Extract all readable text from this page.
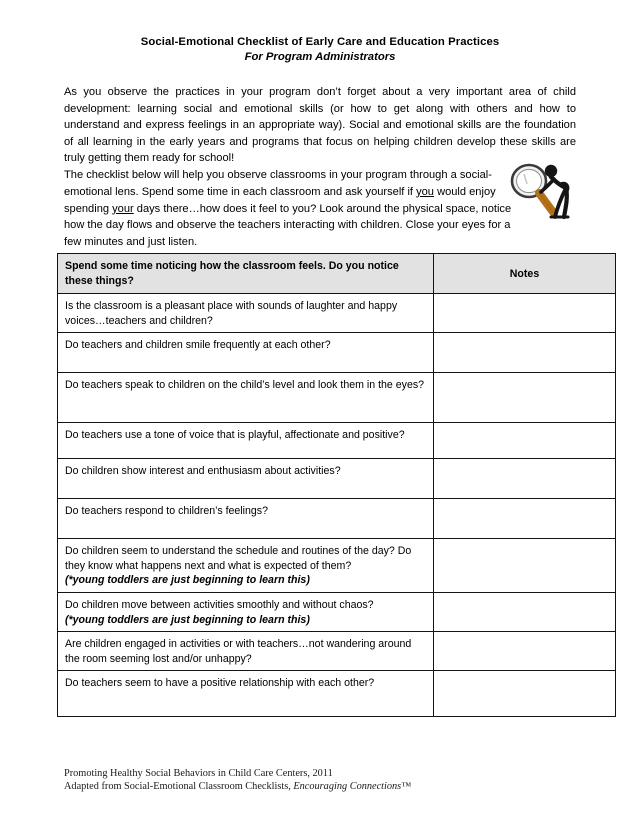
Social-Emotional Checklist of Early Care and Education Practices
For Program Administrators
As you observe the practices in your program don’t forget about a very important area of child development: learning social and emotional skills (or how to get along with others and how to understand and express feelings in an appropriate way). Social and emotional skills are the foundation of all learning in the early years and programs that focus on helping children develop these skills are truly getting them ready for school!
The checklist below will help you observe classrooms in your program through a social-emotional lens. Spend some time in each classroom and ask yourself if you would enjoy spending your days there…how does it feel to you? Look around the physical space, notice how the day flows and observe the teachers interacting with children. Close your eyes for a few minutes and just listen.
Spend some time noticing how the classroom feels. Do you notice these things?	Notes
Is the classroom is a pleasant place with sounds of laughter and happy voices…teachers and children?	
Do teachers and children smile frequently at each other?	
Do teachers speak to children on the child’s level and look them in the eyes?	
Do teachers use a tone of voice that is playful, affectionate and positive?	
Do children show interest and enthusiasm about activities?	
Do teachers respond to children’s feelings?	

Do children seem to understand the schedule and routines of the day? Do they know what happens next and what is expected of them?
(*young toddlers are just beginning to learn this)	

Do children move between activities smoothly and without chaos?
(*young toddlers are just beginning to learn this)	

Are children engaged in activities or with teachers…not wandering around the room seeming lost and/or unhappy?	
Do teachers seem to have a positive relationship with each other?	
Promoting Healthy Social Behaviors in Child Care Centers, 2011
Adapted from Social-Emotional Classroom Checklists, Encouraging Connections™
